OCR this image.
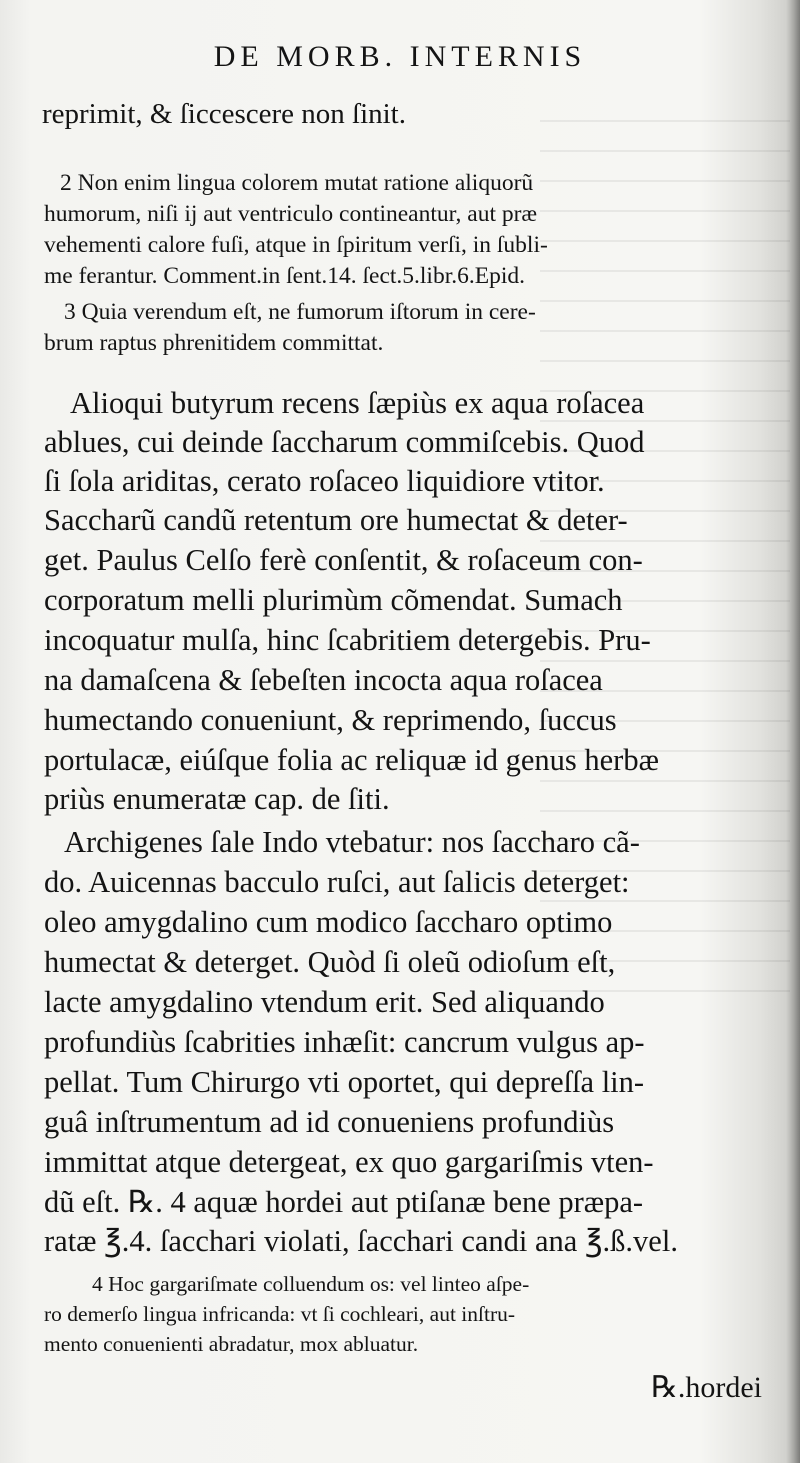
DE MORB. INTERNIS
reprimit, & ſiccescere non ſinit.
2 Non enim lingua colorem mutat ratione aliquorũ
humorum, niſi ij aut ventriculo contineantur, aut præ
vehementi calore fuſi, atque in ſpiritum verſi, in ſubli-
me ferantur. Comment.in ſent.14. ſect.5.libr.6.Epid.
3 Quia verendum eſt, ne fumorum iſtorum in cere-
brum raptus phrenitidem committat.
Alioqui butyrum recens ſæpiùs ex aqua roſacea
ablues, cui deinde ſaccharum commiſcebis. Quod
ſi ſola ariditas, cerato roſaceo liquidiore vtitor.
Saccharũ candũ retentum ore humectat & deter-
get. Paulus Celſo ferè conſentit, & roſaceum con-
corporatum melli plurimùm cõmendat. Sumach
incoquatur mulſa, hinc ſcabritiem detergebis. Pru-
na damaſcena & ſebeſten incocta aqua roſacea
humectando conueniunt, & reprimendo, ſuccus
portulacæ, eiúſque folia ac reliquæ id genus herbæ
priùs enumeratæ cap. de ſiti.
Archigenes ſale Indo vtebatur: nos ſaccharo cã-
do. Auicennas bacculo ruſci, aut ſalicis deterget:
oleo amygdalino cum modico ſaccharo optimo
humectat & deterget. Quòd ſi oleũ odioſum eſt,
lacte amygdalino vtendum erit. Sed aliquando
profundiùs ſcabrities inhæſit: cancrum vulgus ap-
pellat. Tum Chirurgo vti oportet, qui depreſſa lin-
guâ inſtrumentum ad id conueniens profundiùs
immittat atque detergeat, ex quo gargariſmis vten-
dũ eſt. ℞. 4 aquæ hordei aut ptiſanæ bene præpa-
ratæ ℥.4. ſacchari violati, ſacchari candi ana ℥.ß.vel.
4 Hoc gargariſmate colluendum os: vel linteo aſpe-
ro demerſo lingua infricanda: vt ſi cochleari, aut inſtru-
mento conuenienti abradatur, mox abluatur.
℞.hordei
